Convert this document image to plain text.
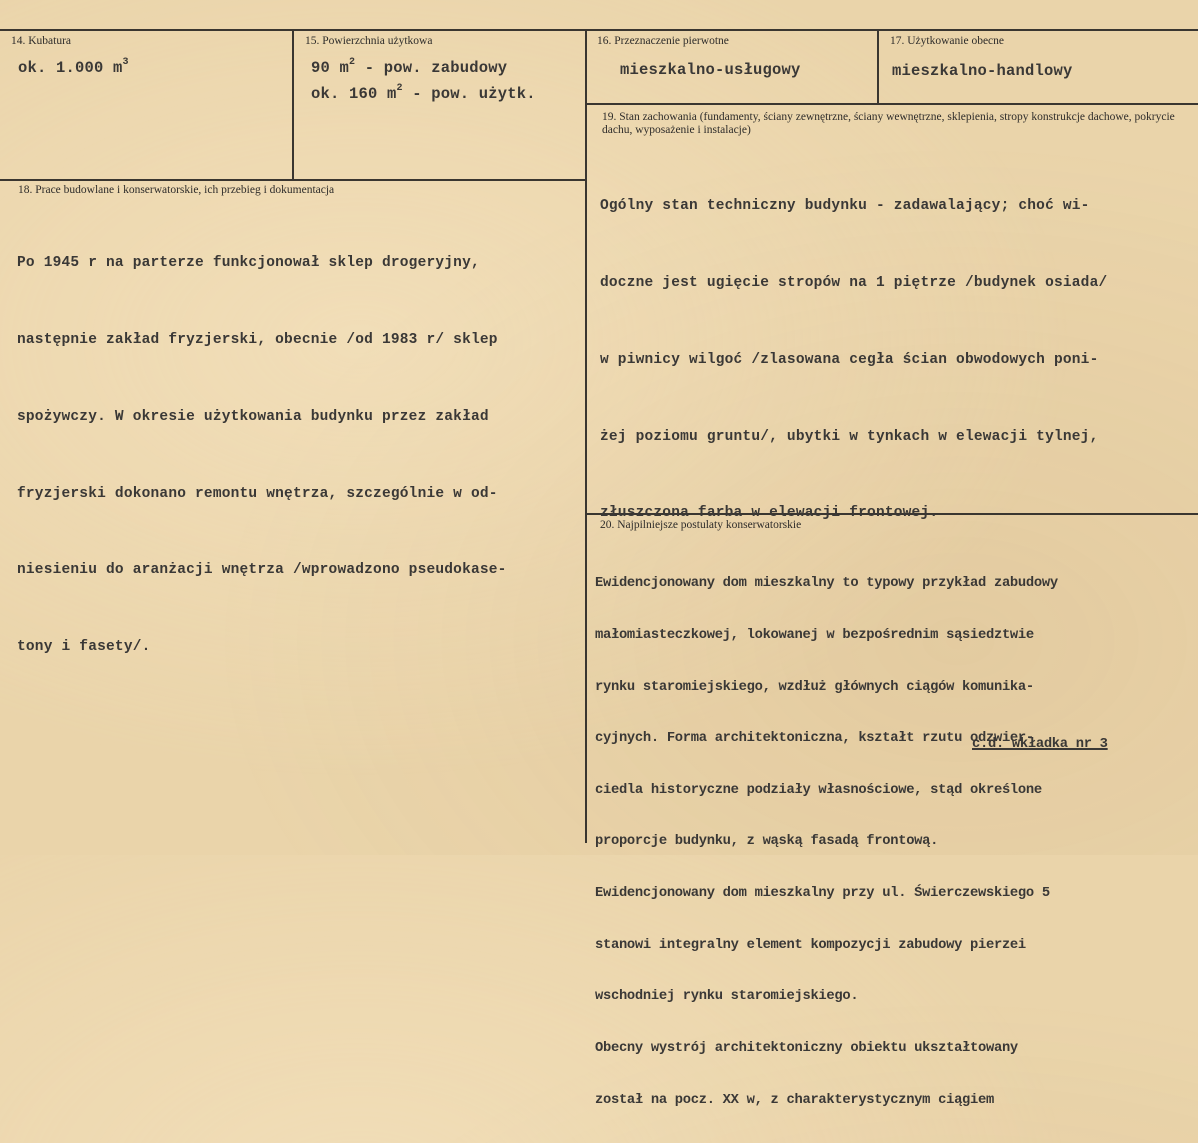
14. Kubatura
ok. 1.000 $m^3$
15. Powierzchnia użytkowa
90 $m^2$ - pow. zabudowy
ok. 160 $m^2$ - pow. użytk.
16. Przeznaczenie pierwotne
mieszkalno-usługowy
17. Użytkowanie obecne
mieszkalno-handlowy
19. Stan zachowania (fundamenty, ściany zewnętrzne, ściany wewnętrzne, sklepienia, stropy konstrukcje dachowe, pokrycie dachu, wyposażenie i instalacje)

Ogólny stan techniczny budynku - zadawalający; choć wi-

doczne jest ugięcie stropów na 1 piętrze /budynek osiada/

w piwnicy wilgoć /zlasowana cegła ścian obwodowych poni-

żej poziomu gruntu/, ubytki w tynkach w elewacji tylnej,

złuszczona farba w elewacji frontowej.

18. Prace budowlane i konserwatorskie, ich przebieg i dokumentacja

Po 1945 r na parterze funkcjonował sklep drogeryjny,

następnie zakład fryzjerski, obecnie /od 1983 r/ sklep

spożywczy. W okresie użytkowania budynku przez zakład

fryzjerski dokonano remontu wnętrza, szczególnie w od-

niesieniu do aranżacji wnętrza /wprowadzono pseudokase-

tony i fasety/.

20. Najpilniejsze postulaty konserwatorskie

Ewidencjonowany dom mieszkalny to typowy przykład zabudowy

małomiasteczkowej, lokowanej w bezpośrednim sąsiedztwie

rynku staromiejskiego, wzdłuż głównych ciągów komunika-

cyjnych. Forma architektoniczna, kształt rzutu odzwier-

ciedla historyczne podziały własnościowe, stąd określone

proporcje budynku, z wąską fasadą frontową.

Ewidencjonowany dom mieszkalny przy ul. Świerczewskiego 5

stanowi integralny element kompozycji zabudowy pierzei

wschodniej rynku staromiejskiego.

Obecny wystrój architektoniczny obiektu ukształtowany

został na pocz. XX w, z charakterystycznym ciągiem

c.d. wkładka nr 3
